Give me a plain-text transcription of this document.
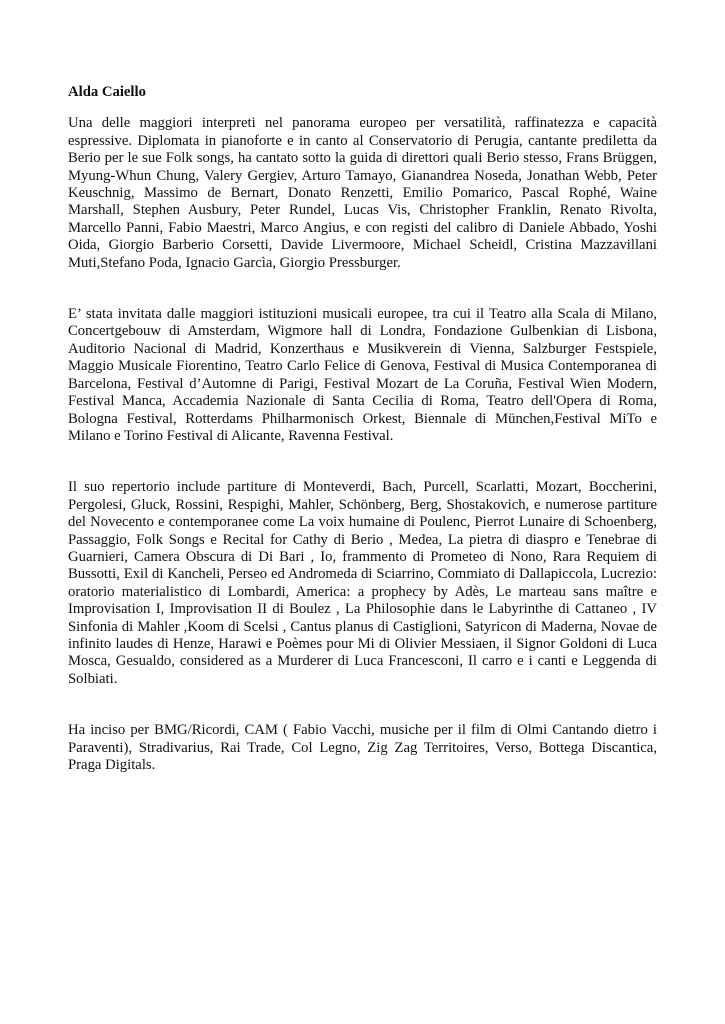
Alda Caiello

Una delle maggiori interpreti nel panorama europeo per versatilità, raffinatezza e capacità espressive. Diplomata in pianoforte e in canto al Conservatorio di Perugia, cantante prediletta da Berio per le sue Folk songs, ha cantato sotto la guida di direttori quali Berio stesso, Frans Brüggen, Myung-Whun Chung, Valery Gergiev, Arturo Tamayo, Gianandrea Noseda, Jonathan Webb, Peter Keuschnig, Massimo de Bernart, Donato Renzetti, Emilio Pomarico, Pascal Rophé, Waine Marshall, Stephen Ausbury, Peter Rundel, Lucas Vis, Christopher Franklin, Renato Rivolta, Marcello Panni, Fabio Maestri, Marco Angius, e con registi del calibro di Daniele Abbado, Yoshi Oida, Giorgio Barberio Corsetti, Davide Livermoore, Michael Scheidl, Cristina Mazzavillani Muti,Stefano Poda, Ignacio Garcìa, Giorgio Pressburger.

E’ stata invitata dalle maggiori istituzioni musicali europee, tra cui il Teatro alla Scala di Milano, Concertgebouw di Amsterdam, Wigmore hall di Londra, Fondazione Gulbenkian di Lisbona, Auditorio Nacional di Madrid, Konzerthaus e Musikverein di Vienna, Salzburger Festspiele, Maggio Musicale Fiorentino, Teatro Carlo Felice di Genova, Festival di Musica Contemporanea di Barcelona, Festival d’Automne di Parigi, Festival Mozart de La Coruña, Festival Wien Modern, Festival Manca, Accademia Nazionale di Santa Cecilia di Roma, Teatro dell'Opera di Roma, Bologna Festival, Rotterdams Philharmonisch Orkest, Biennale di München,Festival MiTo e Milano e Torino Festival di Alicante, Ravenna Festival.

Il suo repertorio include partiture di Monteverdi, Bach, Purcell, Scarlatti, Mozart, Boccherini, Pergolesi, Gluck, Rossini, Respighi, Mahler, Schönberg, Berg, Shostakovich, e numerose partiture del Novecento e contemporanee come La voix humaine di Poulenc, Pierrot Lunaire di Schoenberg, Passaggio, Folk Songs e Recital for Cathy di Berio , Medea, La pietra di diaspro e Tenebrae di Guarnieri, Camera Obscura di Di Bari , Io, frammento di Prometeo di Nono, Rara Requiem di Bussotti, Exil di Kancheli, Perseo ed Andromeda di Sciarrino, Commiato di Dallapiccola, Lucrezio: oratorio materialistico di Lombardi, America: a prophecy by Adès, Le marteau sans maître e Improvisation I, Improvisation II di Boulez , La Philosophie dans le Labyrinthe di Cattaneo , IV Sinfonia di Mahler ,Koom di Scelsi , Cantus planus di Castiglioni, Satyricon di Maderna, Novae de infinito laudes di Henze, Harawi e Poèmes pour Mi di Olivier Messiaen, il Signor Goldoni di Luca Mosca, Gesualdo, considered as a Murderer di Luca Francesconi, Il carro e i canti e Leggenda di Solbiati.

Ha inciso per BMG/Ricordi, CAM ( Fabio Vacchi, musiche per il film di Olmi Cantando dietro i Paraventi), Stradivarius, Rai Trade, Col Legno, Zig Zag Territoires, Verso, Bottega Discantica, Praga Digitals.
